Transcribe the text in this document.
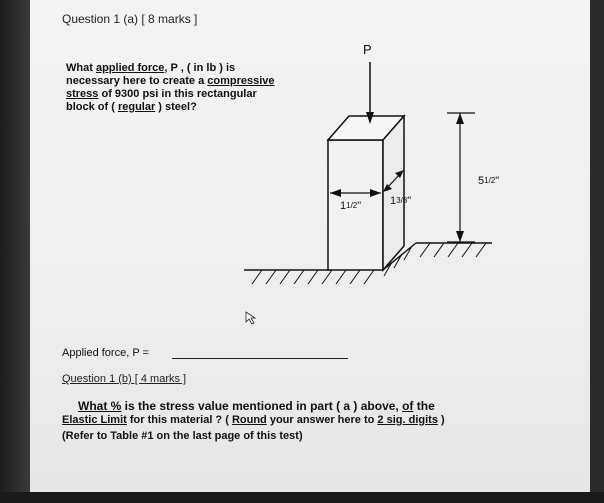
Question 1 (a) [ 8 marks ]
What applied force, P , ( in lb ) is
necessary here to create a compressive
stress of 9300 psi in this rectangular
block of ( regular ) steel?
P
5 1/2 "
1 1/2 "	1 3/8 "
Applied force, P =
Question 1 (b) [ 4 marks ]
What % is the stress value mentioned in part ( a ) above, of the
Elastic Limit for this material ? ( Round your answer here to 2 sig. digits )
(Refer to Table #1 on the last page of this test)
